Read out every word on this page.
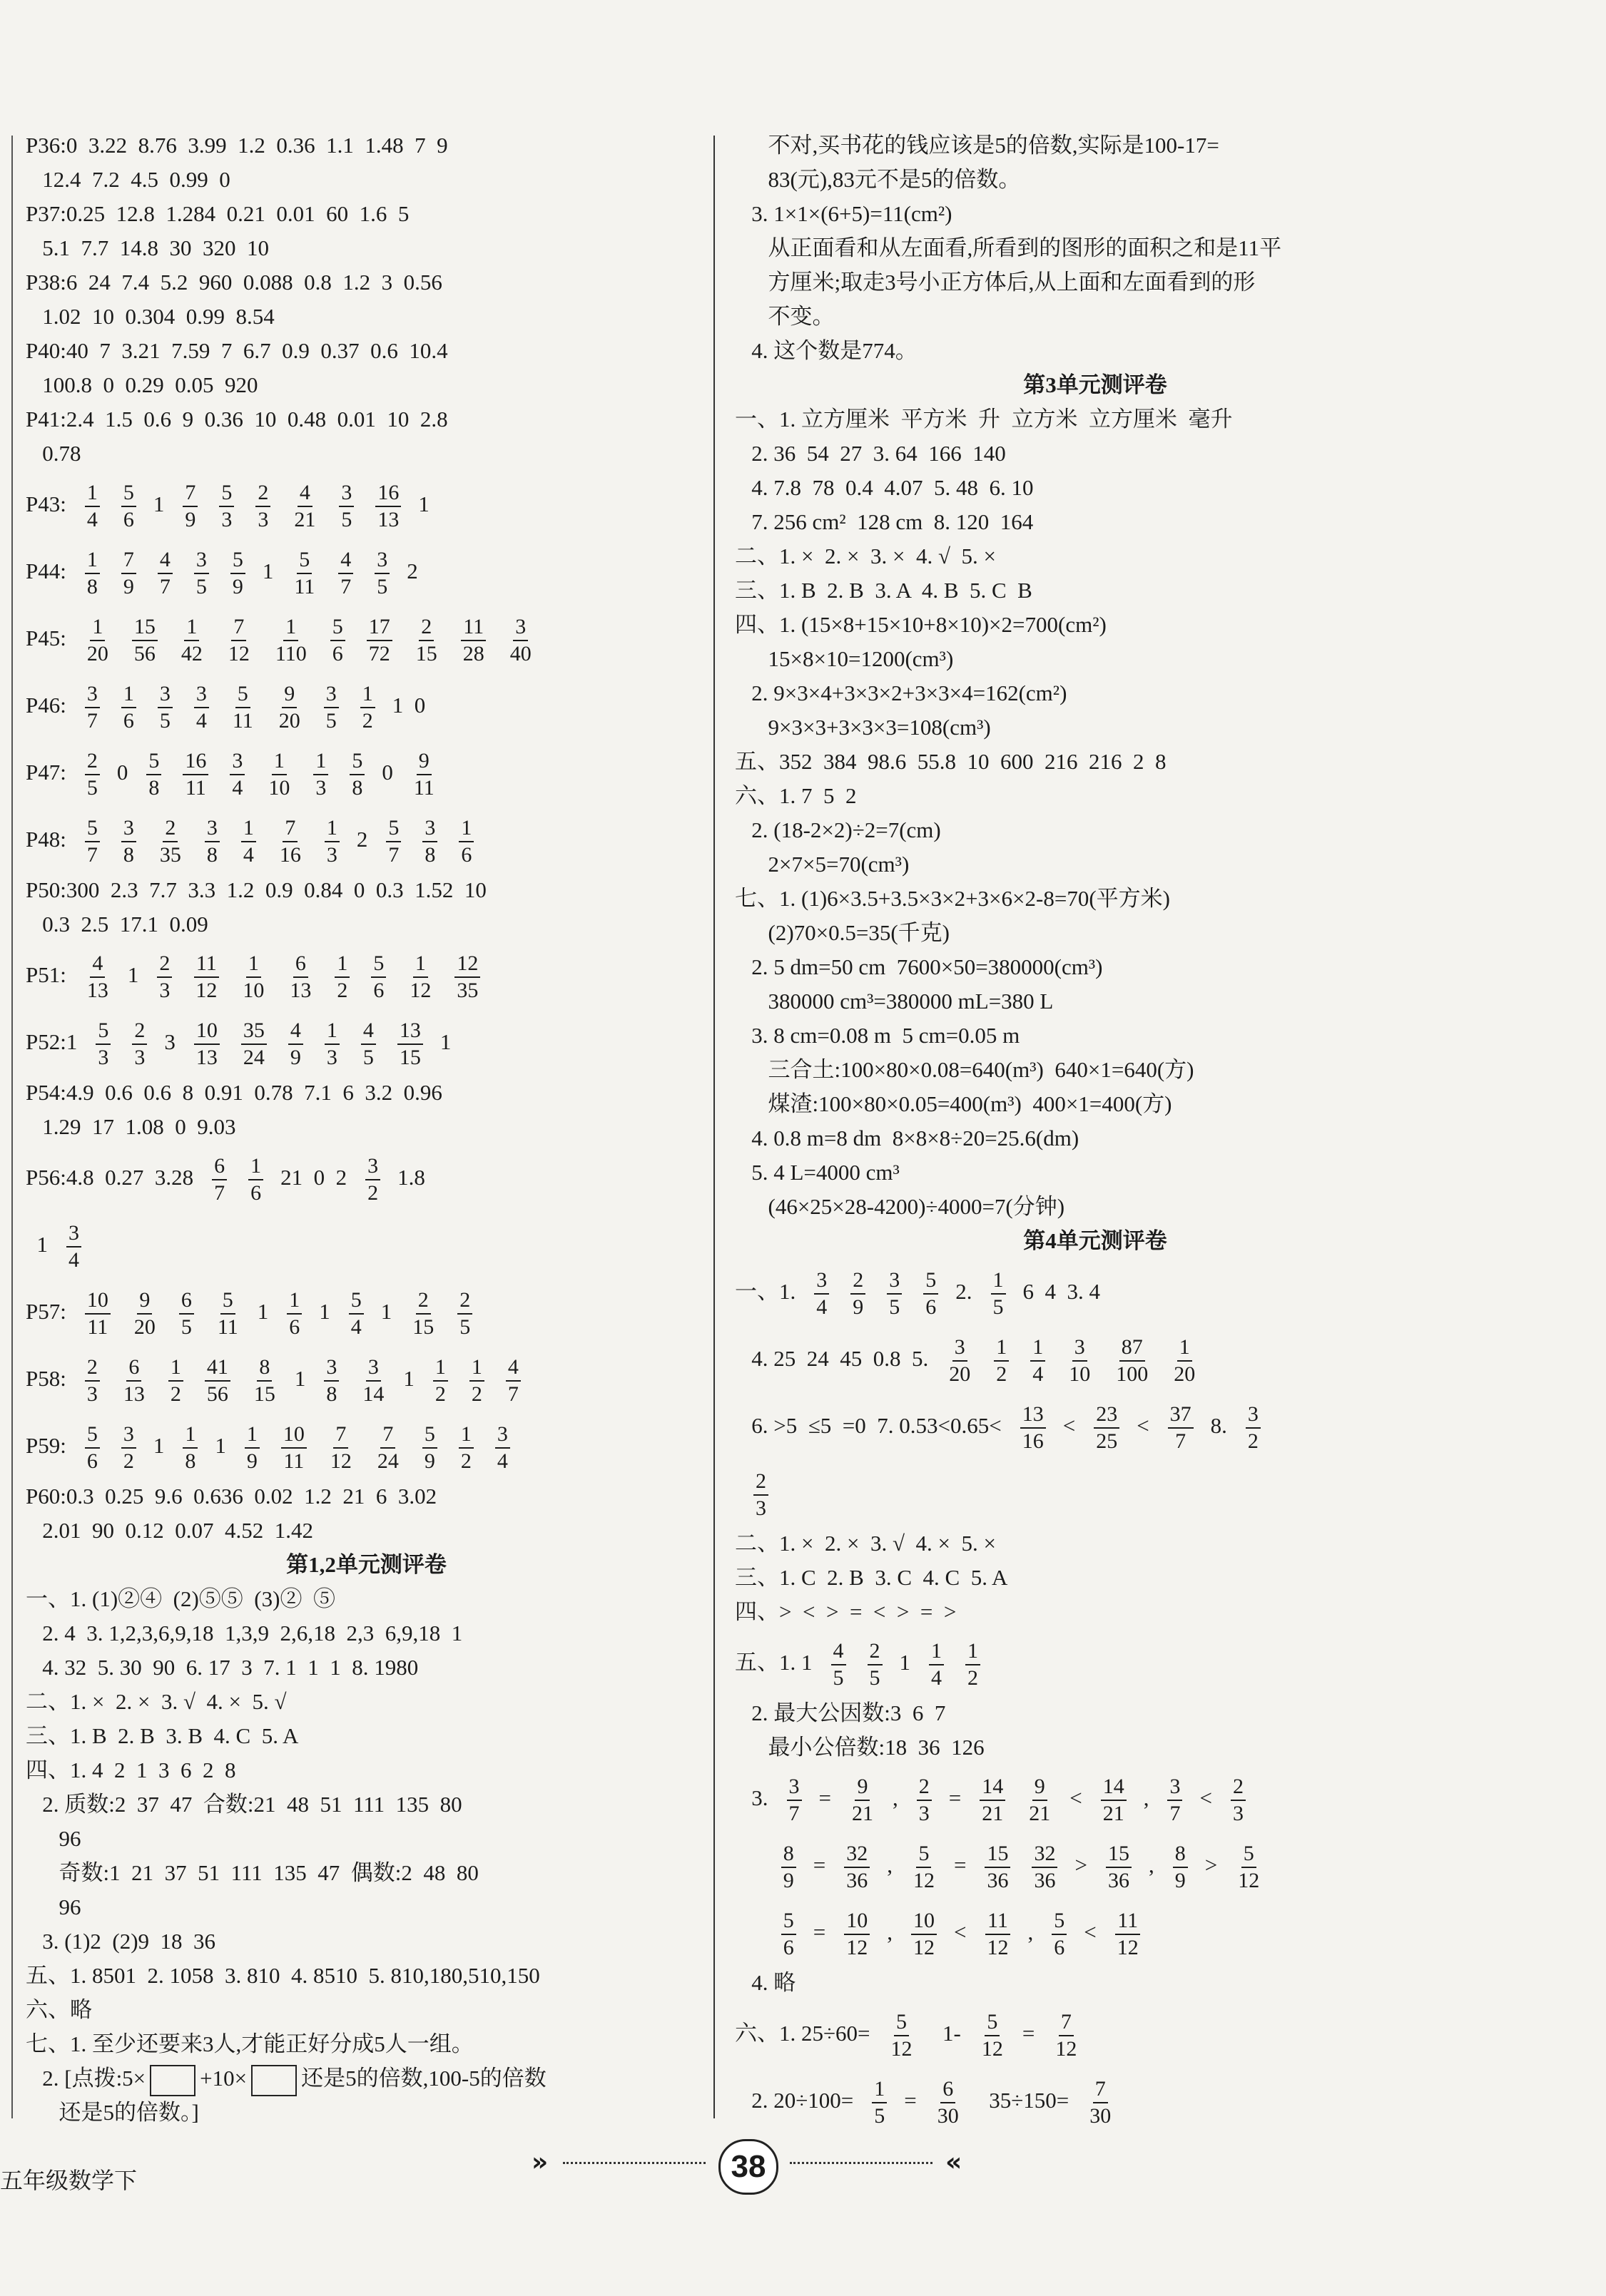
P36:0  3.22  8.76  3.99  1.2  0.36  1.1  1.48  7  9
12.4  7.2  4.5  0.99  0
P37:0.25  12.8  1.284  0.21  0.01  60  1.6  5
5.1  7.7  14.8  30  320  10
P38:6  24  7.4  5.2  960  0.088  0.8  1.2  3  0.56
1.02  10  0.304  0.99  8.54
P40:40  7  3.21  7.59  7  6.7  0.9  0.37  0.6  10.4
100.8  0  0.29  0.05  920
P41:2.4  1.5  0.6  9  0.36  10  0.48  0.01  10  2.8
0.78
P43: $\frac{1}{4} \frac{5}{6} 1 \frac{7}{9} \frac{5}{3} \frac{2}{3} \frac{4}{21} \frac{3}{5} \frac{16}{13} 1$
P44: $\frac{1}{8} \frac{7}{9} \frac{4}{7} \frac{3}{5} \frac{5}{9} 1 \frac{5}{11} \frac{4}{7} \frac{3}{5} 2$
P45: $\frac{1}{20} \frac{15}{56} \frac{1}{42} \frac{7}{12} \frac{1}{110} \frac{5}{6} \frac{17}{72} \frac{2}{15} \frac{11}{28} \frac{3}{40}$
P46: $\frac{3}{7} \frac{1}{6} \frac{3}{5} \frac{3}{4} \frac{5}{11} \frac{9}{20} \frac{3}{5} \frac{1}{2} 1$  0
P47: $\frac{2}{5} 0 \frac{5}{8} \frac{16}{11} \frac{3}{4} \frac{1}{10} \frac{1}{3} \frac{5}{8} 0 \frac{9}{11}$
P48: $\frac{5}{7} \frac{3}{8} \frac{2}{35} \frac{3}{8} \frac{1}{4} \frac{7}{16} \frac{1}{3} 2 \frac{5}{7} \frac{3}{8} \frac{1}{6}$
P50:300  2.3  7.7  3.3  1.2  0.9  0.84  0  0.3  1.52  10
0.3  2.5  17.1  0.09
P51: $\frac{4}{13} 1 \frac{2}{3} \frac{11}{12} \frac{1}{10} \frac{6}{13} \frac{1}{2} \frac{5}{6} \frac{1}{12} \frac{12}{35}$
P52:1 $\frac{5}{3} \frac{2}{3} 3 \frac{10}{13} \frac{35}{24} \frac{4}{9} \frac{1}{3} \frac{4}{5} \frac{13}{15} 1$
P54:4.9  0.6  0.6  8  0.91  0.78  7.1  6  3.2  0.96
1.29  17  1.08  0  9.03
P56:4.8  0.27  $3.28 \frac{6}{7} \frac{1}{6} 21$  0  $2 \frac{3}{2} 1.8$
$1 \frac{3}{4}$
P57: $\frac{10}{11} \frac{9}{20} \frac{6}{5} \frac{5}{11} 1 \frac{1}{6} 1 \frac{5}{4} 1 \frac{2}{15} \frac{2}{5}$
P58: $\frac{2}{3} \frac{6}{13} \frac{1}{2} \frac{41}{56} \frac{8}{15} 1 \frac{3}{8} \frac{3}{14} 1 \frac{1}{2} \frac{1}{2} \frac{4}{7}$
P59: $\frac{5}{6} \frac{3}{2} 1 \frac{1}{8} 1 \frac{1}{9} \frac{10}{11} \frac{7}{12} \frac{7}{24} \frac{5}{9} \frac{1}{2} \frac{3}{4}$
P60:0.3  0.25  9.6  0.636  0.02  1.2  21  6  3.02
2.01  90  0.12  0.07  4.52  1.42
第1,2单元测评卷
一、1. (1)②④  (2)⑤⑤  (3)②  ⑤
2. 4  3. 1,2,3,6,9,18  1,3,9  2,6,18  2,3  6,9,18  1
4. 32  5. 30  90  6. 17  3  7. 1  1  1  8. 1980
二、1. ×  2. ×  3. √  4. ×  5. √
三、1. B  2. B  3. B  4. C  5. A
四、1. 4  2  1  3  6  2  8
2. 质数:2  37  47  合数:21  48  51  111  135  80
96
奇数:1  21  37  51  111  135  47  偶数:2  48  80
96
3. (1)2  (2)9  18  36
五、1. 8501  2. 1058  3. 810  4. 8510  5. 810,180,510,150
六、略
七、1. 至少还要来3人,才能正好分成5人一组。
2. [点拨:5× +10× 还是5的倍数,100-5的倍数
还是5的倍数。]
不对,买书花的钱应该是5的倍数,实际是100-17=
83(元),83元不是5的倍数。
3. 1×1×(6+5)=11(cm²)
从正面看和从左面看,所看到的图形的面积之和是11平
方厘米;取走3号小正方体后,从上面和左面看到的形
不变。
4. 这个数是774。
第3单元测评卷
一、1. 立方厘米  平方米  升  立方米  立方厘米  毫升
2. 36  54  27  3. 64  166  140
4. 7.8  78  0.4  4.07  5. 48  6. 10
7. 256 cm²  128 cm  8. 120  164
二、1. ×  2. ×  3. ×  4. √  5. ×
三、1. B  2. B  3. A  4. B  5. C  B
四、1. (15×8+15×10+8×10)×2=700(cm²)
15×8×10=1200(cm³)
2. 9×3×4+3×3×2+3×3×4=162(cm²)
9×3×3+3×3×3=108(cm³)
五、352  384  98.6  55.8  10  600  216  216  2  8
六、1. 7  5  2
2. (18-2×2)÷2=7(cm)
2×7×5=70(cm³)
七、1. (1)6×3.5+3.5×3×2+3×6×2-8=70(平方米)
(2)70×0.5=35(千克)
2. 5 dm=50 cm  7600×50=380000(cm³)
380000 cm³=380000 mL=380 L
3. 8 cm=0.08 m  5 cm=0.05 m
三合土:100×80×0.08=640(m³)  640×1=640(方)
煤渣:100×80×0.05=400(m³)  400×1=400(方)
4. 0.8 m=8 dm  8×8×8÷20=25.6(dm)
5. 4 L=4000 cm³
(46×25×28-4200)÷4000=7(分钟)
第4单元测评卷
一、1. $\frac{3}{4} \frac{2}{9} \frac{3}{5} \frac{5}{6} 2$. $\frac{1}{5} 6$  4  3. 4
4. 25  24  45  0.8  5. $\frac{3}{20} \frac{1}{2} \frac{1}{4} \frac{3}{10} \frac{87}{100} \frac{1}{20}$
6. >5  ≤5  =0  7. $0.53<0.65< \frac{13}{16} < \frac{23}{25} < \frac{37}{7} 8$. $\frac{3}{2}$
$\frac{2}{3}$
二、1. ×  2. ×  3. √  4. ×  5. ×
三、1. C  2. B  3. C  4. C  5. A
四、>  <  >  =  <  >  =  >
五、1. $1 \frac{4}{5} \frac{2}{5} 1 \frac{1}{4} \frac{1}{2}$
2. 最大公因数:3  6  7
最小公倍数:18  36  126
3. $\frac{3}{7} = \frac{9}{21}$ , $\frac{2}{3} = \frac{14}{21} \frac{9}{21} < \frac{14}{21}$ , $\frac{3}{7} < \frac{2}{3}$

$\frac{8}{9} = \frac{32}{36}$ , $\frac{5}{12} = \frac{15}{36} \frac{32}{36} > \frac{15}{36}$ , $\frac{8}{9} > \frac{5}{12}$

$\frac{5}{6} = \frac{10}{12}$ , $\frac{10}{12} < \frac{11}{12}$ , $\frac{5}{6} < \frac{11}{12}$
4. 略
六、1. $25\div 60= \frac{5}{12} 1- \frac{5}{12} = \frac{7}{12}$
2. $20\div 100= \frac{1}{5} = \frac{6}{30} 35\div 150= \frac{7}{30}$
五年级数学下
»	38	«
